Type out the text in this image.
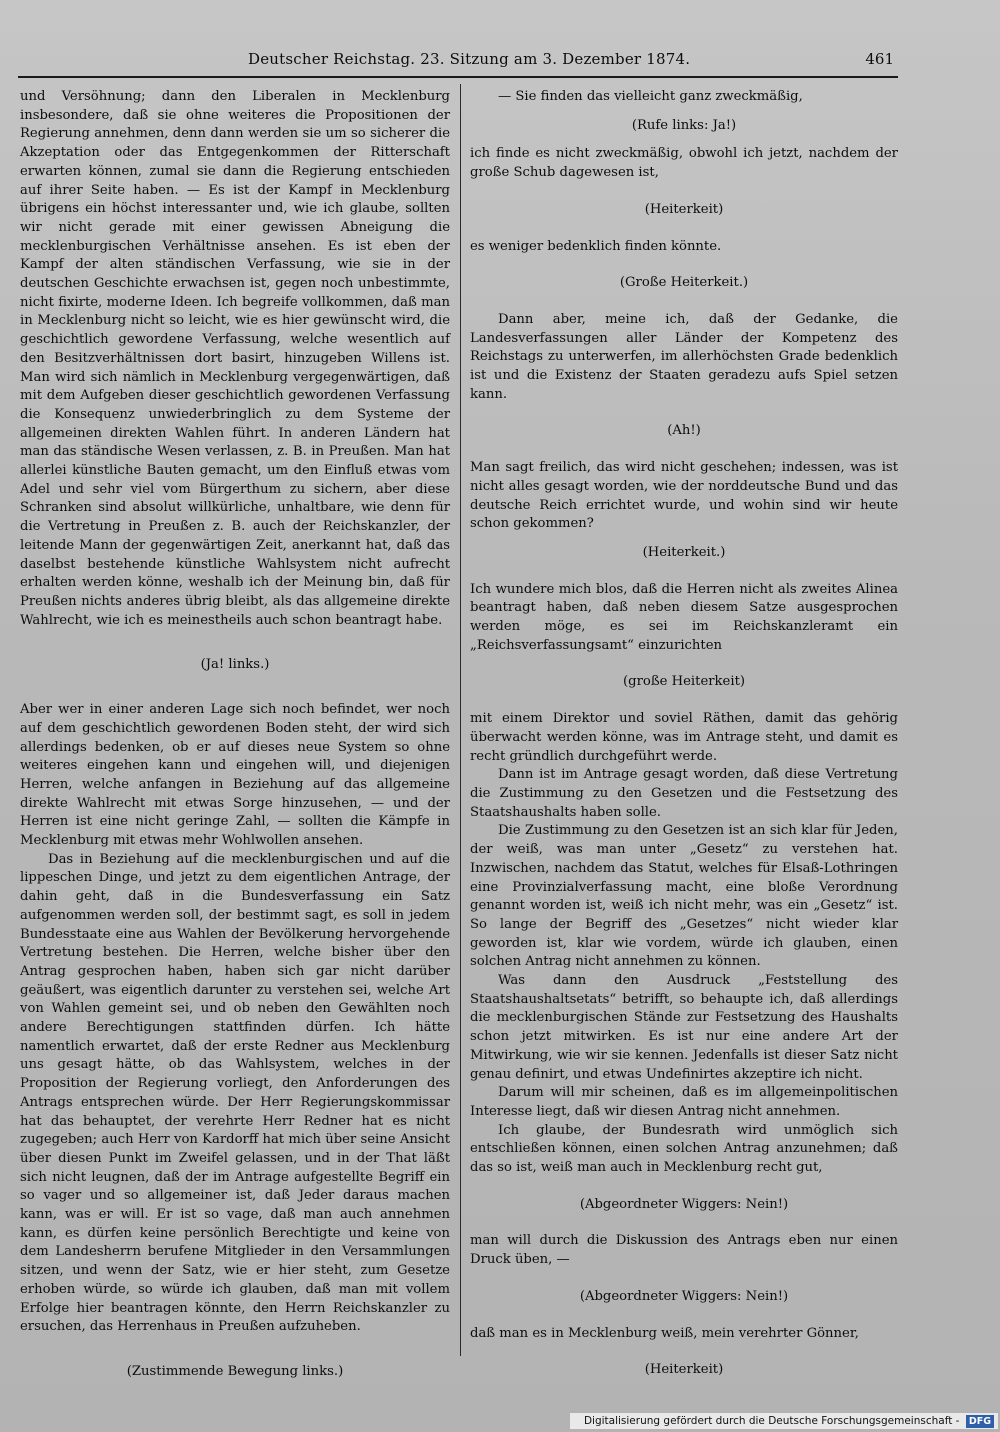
Deutscher Reichstag. 23. Sitzung am 3. Dezember 1874.	461

und Versöhnung; dann den Liberalen in Mecklenburg insbesondere, daß sie ohne weiteres die Propositionen der Regierung annehmen, denn dann werden sie um so sicherer die Akzeptation oder das Entgegenkommen der Ritterschaft erwarten können, zumal sie dann die Regierung entschieden auf ihrer Seite haben. — Es ist der Kampf in Mecklenburg übrigens ein höchst interessanter und, wie ich glaube, sollten wir nicht gerade mit einer gewissen Abneigung die mecklenburgischen Verhältnisse ansehen. Es ist eben der Kampf der alten ständischen Verfassung, wie sie in der deutschen Geschichte erwachsen ist, gegen noch unbestimmte, nicht fixirte, moderne Ideen. Ich begreife vollkommen, daß man in Mecklenburg nicht so leicht, wie es hier gewünscht wird, die geschichtlich gewordene Verfassung, welche wesentlich auf den Besitzverhältnissen dort basirt, hinzugeben Willens ist. Man wird sich nämlich in Mecklenburg vergegenwärtigen, daß mit dem Aufgeben dieser geschichtlich gewordenen Verfassung die Konsequenz unwiederbringlich zu dem Systeme der allgemeinen direkten Wahlen führt. In anderen Ländern hat man das ständische Wesen verlassen, z. B. in Preußen. Man hat allerlei künstliche Bauten gemacht, um den Einfluß etwas vom Adel und sehr viel vom Bürgerthum zu sichern, aber diese Schranken sind absolut willkürliche, unhaltbare, wie denn für die Vertretung in Preußen z. B. auch der Reichskanzler, der leitende Mann der gegenwärtigen Zeit, anerkannt hat, daß das daselbst bestehende künstliche Wahlsystem nicht aufrecht erhalten werden könne, weshalb ich der Meinung bin, daß für Preußen nichts anderes übrig bleibt, als das allgemeine direkte Wahlrecht, wie ich es meinestheils auch schon beantragt habe.

(Ja! links.)

Aber wer in einer anderen Lage sich noch befindet, wer noch auf dem geschichtlich gewordenen Boden steht, der wird sich allerdings bedenken, ob er auf dieses neue System so ohne weiteres eingehen kann und eingehen will, und diejenigen Herren, welche anfangen in Beziehung auf das allgemeine direkte Wahlrecht mit etwas Sorge hinzusehen, — und der Herren ist eine nicht geringe Zahl, — sollten die Kämpfe in Mecklenburg mit etwas mehr Wohlwollen ansehen.

Das in Beziehung auf die mecklenburgischen und auf die lippeschen Dinge, und jetzt zu dem eigentlichen Antrage, der dahin geht, daß in die Bundesverfassung ein Satz aufgenommen werden soll, der bestimmt sagt, es soll in jedem Bundesstaate eine aus Wahlen der Bevölkerung hervorgehende Vertretung bestehen. Die Herren, welche bisher über den Antrag gesprochen haben, haben sich gar nicht darüber geäußert, was eigentlich darunter zu verstehen sei, welche Art von Wahlen gemeint sei, und ob neben den Gewählten noch andere Berechtigungen stattfinden dürfen. Ich hätte namentlich erwartet, daß der erste Redner aus Mecklenburg uns gesagt hätte, ob das Wahlsystem, welches in der Proposition der Regierung vorliegt, den Anforderungen des Antrags entsprechen würde. Der Herr Regierungskommissar hat das behauptet, der verehrte Herr Redner hat es nicht zugegeben; auch Herr von Kardorff hat mich über seine Ansicht über diesen Punkt im Zweifel gelassen, und in der That läßt sich nicht leugnen, daß der im Antrage aufgestellte Begriff ein so vager und so allgemeiner ist, daß Jeder daraus machen kann, was er will. Er ist so vage, daß man auch annehmen kann, es dürfen keine persönlich Berechtigte und keine von dem Landesherrn berufene Mitglieder in den Versammlungen sitzen, und wenn der Satz, wie er hier steht, zum Gesetze erhoben würde, so würde ich glauben, daß man mit vollem Erfolge hier beantragen könnte, den Herrn Reichskanzler zu ersuchen, das Herrenhaus in Preußen aufzuheben.

(Zustimmende Bewegung links.)

— Sie finden das vielleicht ganz zweckmäßig,

(Rufe links: Ja!)

ich finde es nicht zweckmäßig, obwohl ich jetzt, nachdem der große Schub dagewesen ist,

(Heiterkeit)

es weniger bedenklich finden könnte.

(Große Heiterkeit.)

Dann aber, meine ich, daß der Gedanke, die Landesverfassungen aller Länder der Kompetenz des Reichstags zu unterwerfen, im allerhöchsten Grade bedenklich ist und die Existenz der Staaten geradezu aufs Spiel setzen kann.

(Ah!)

Man sagt freilich, das wird nicht geschehen; indessen, was ist nicht alles gesagt worden, wie der norddeutsche Bund und das deutsche Reich errichtet wurde, und wohin sind wir heute schon gekommen?

(Heiterkeit.)

Ich wundere mich blos, daß die Herren nicht als zweites Alinea beantragt haben, daß neben diesem Satze ausgesprochen werden möge, es sei im Reichskanzleramt ein „Reichsverfassungsamt“ einzurichten

(große Heiterkeit)

mit einem Direktor und soviel Räthen, damit das gehörig überwacht werden könne, was im Antrage steht, und damit es recht gründlich durchgeführt werde.

Dann ist im Antrage gesagt worden, daß diese Vertretung die Zustimmung zu den Gesetzen und die Festsetzung des Staatshaushalts haben solle.

Die Zustimmung zu den Gesetzen ist an sich klar für Jeden, der weiß, was man unter „Gesetz“ zu verstehen hat. Inzwischen, nachdem das Statut, welches für Elsaß-Lothringen eine Provinzialverfassung macht, eine bloße Verordnung genannt worden ist, weiß ich nicht mehr, was ein „Gesetz“ ist. So lange der Begriff des „Gesetzes“ nicht wieder klar geworden ist, klar wie vordem, würde ich glauben, einen solchen Antrag nicht annehmen zu können.

Was dann den Ausdruck „Feststellung des Staatshaushaltsetats“ betrifft, so behaupte ich, daß allerdings die mecklenburgischen Stände zur Festsetzung des Haushalts schon jetzt mitwirken. Es ist nur eine andere Art der Mitwirkung, wie wir sie kennen. Jedenfalls ist dieser Satz nicht genau definirt, und etwas Undefinirtes akzeptire ich nicht.

Darum will mir scheinen, daß es im allgemeinpolitischen Interesse liegt, daß wir diesen Antrag nicht annehmen.

Ich glaube, der Bundesrath wird unmöglich sich entschließen können, einen solchen Antrag anzunehmen; daß das so ist, weiß man auch in Mecklenburg recht gut,

(Abgeordneter Wiggers: Nein!)

man will durch die Diskussion des Antrags eben nur einen Druck üben, —

(Abgeordneter Wiggers: Nein!)

daß man es in Mecklenburg weiß, mein verehrter Gönner,

(Heiterkeit)

Digitalisierung gefördert durch die Deutsche Forschungsgemeinschaft - DFG
